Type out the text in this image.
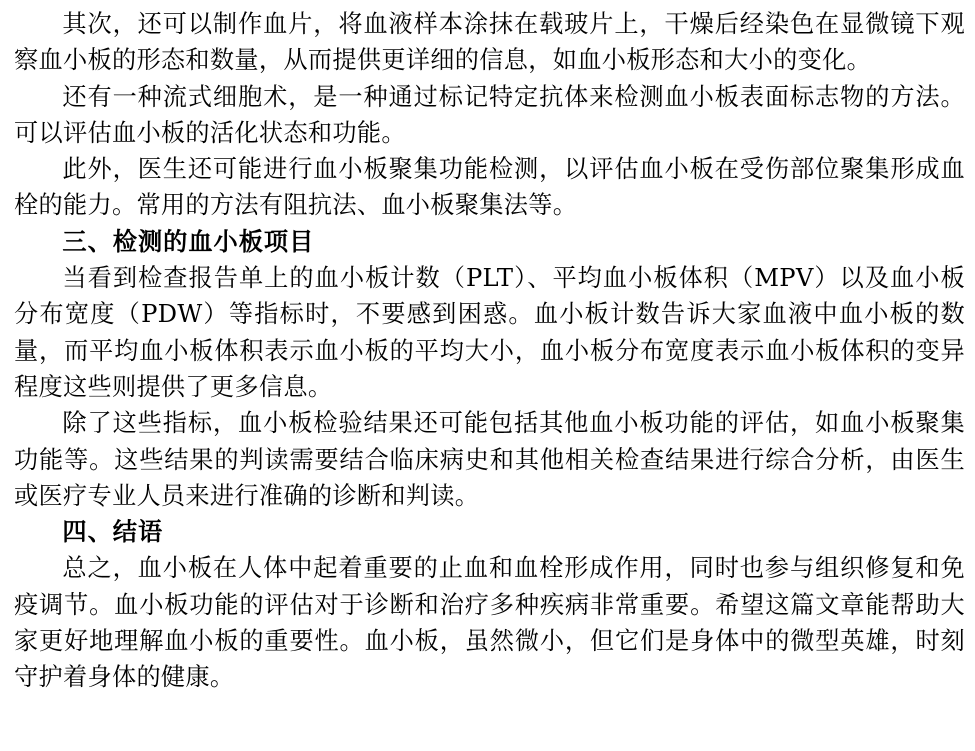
其次，还可以制作血片，将血液样本涂抹在载玻片上，干燥后经染色在显微镜下观察血小板的形态和数量，从而提供更详细的信息，如血小板形态和大小的变化。

还有一种流式细胞术，是一种通过标记特定抗体来检测血小板表面标志物的方法。可以评估血小板的活化状态和功能。

此外，医生还可能进行血小板聚集功能检测，以评估血小板在受伤部位聚集形成血栓的能力。常用的方法有阻抗法、血小板聚集法等。

三、检测的血小板项目

当看到检查报告单上的血小板计数（PLT）、平均血小板体积（MPV）以及血小板分布宽度（PDW）等指标时，不要感到困惑。血小板计数告诉大家血液中血小板的数量，而平均血小板体积表示血小板的平均大小，血小板分布宽度表示血小板体积的变异程度这些则提供了更多信息。

除了这些指标，血小板检验结果还可能包括其他血小板功能的评估，如血小板聚集功能等。这些结果的判读需要结合临床病史和其他相关检查结果进行综合分析，由医生或医疗专业人员来进行准确的诊断和判读。

四、结语

总之，血小板在人体中起着重要的止血和血栓形成作用，同时也参与组织修复和免疫调节。血小板功能的评估对于诊断和治疗多种疾病非常重要。希望这篇文章能帮助大家更好地理解血小板的重要性。血小板，虽然微小，但它们是身体中的微型英雄，时刻守护着身体的健康。
